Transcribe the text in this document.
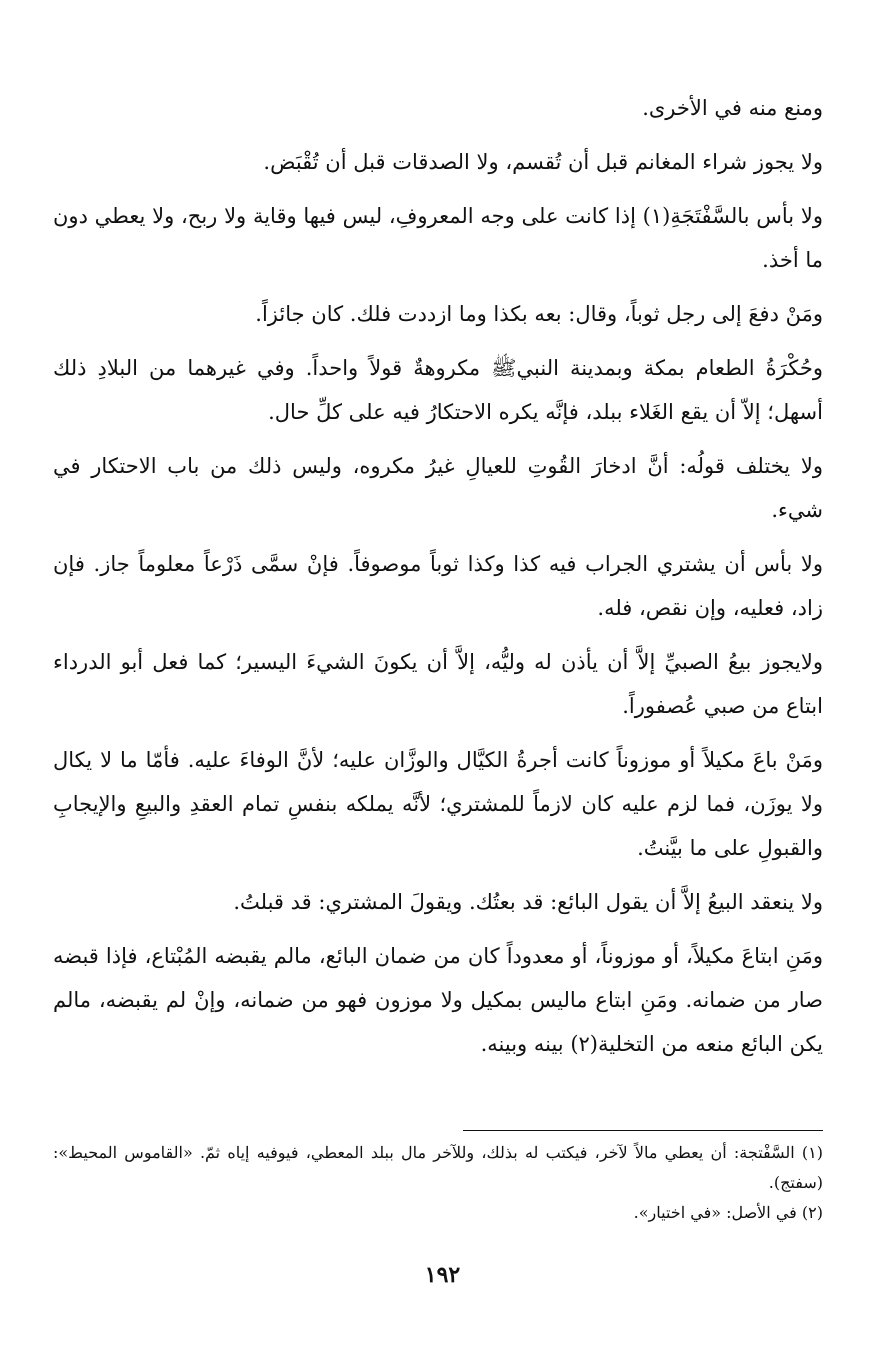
ومنع منه في الأخرى.

ولا يجوز شراء المغانم قبل أن تُقسم، ولا الصدقات قبل أن تُقْبَض.

ولا بأس بالسَّفْتَجَةِ(١) إذا كانت على وجه المعروفِ، ليس فيها وقاية ولا ربح، ولا يعطي دون ما أخذ.

ومَنْ دفعَ إلى رجل ثوباً، وقال: بعه بكذا وما ازددت فلك. كان جائزاً.

وحُكْرَةُ الطعام بمكة وبمدينة النبيﷺ مكروهةٌ قولاً واحداً. وفي غيرهما من البلادِ ذلك أسهل؛ إلاّ أن يقع الغَلاء ببلد، فإنَّه يكره الاحتكارُ فيه على كلِّ حال.

ولا يختلف قولُه: أنَّ ادخارَ القُوتِ للعيالِ غيرُ مكروه، وليس ذلك من باب الاحتكار في شيء.

ولا بأس أن يشتري الجراب فيه كذا وكذا ثوباً موصوفاً. فإنْ سمَّى ذَرْعاً معلوماً جاز. فإن زاد، فعليه، وإن نقص، فله.

ولايجوز بيعُ الصبيِّ إلاَّ أن يأذن له وليُّه، إلاَّ أن يكونَ الشيءَ اليسير؛ كما فعل أبو الدرداء ابتاع من صبي عُصفوراً.

ومَنْ باعَ مكيلاً أو موزوناً كانت أجرةُ الكيَّال والوزَّان عليه؛ لأنَّ الوفاءَ عليه. فأمّا ما لا يكال ولا يوزَن، فما لزم عليه كان لازماً للمشتري؛ لأنَّه يملكه بنفسِ تمام العقدِ والبيعِ والإيجابِ والقبولِ على ما بيَّنتُ.

ولا ينعقد البيعُ إلاَّ أن يقول البائع: قد بعتُك. ويقولَ المشتري: قد قبلتُ.

ومَنِ ابتاعَ مكيلاً، أو موزوناً، أو معدوداً كان من ضمان البائع، مالم يقبضه المُبْتاع، فإذا قبضه صار من ضمانه. ومَنِ ابتاع ماليس بمكيل ولا موزون فهو من ضمانه، وإنْ لم يقبضه، مالم يكن البائع منعه من التخلية(٢) بينه وبينه.

(١) السَّفْتجة: أن يعطي مالاً لآخر، فيكتب له بذلك، وللآخر مال ببلد المعطي، فيوفيه إياه ثمّ. «القاموس المحيط»: (سفتج).

(٢) في الأصل: «في اختيار».

١٩٢
